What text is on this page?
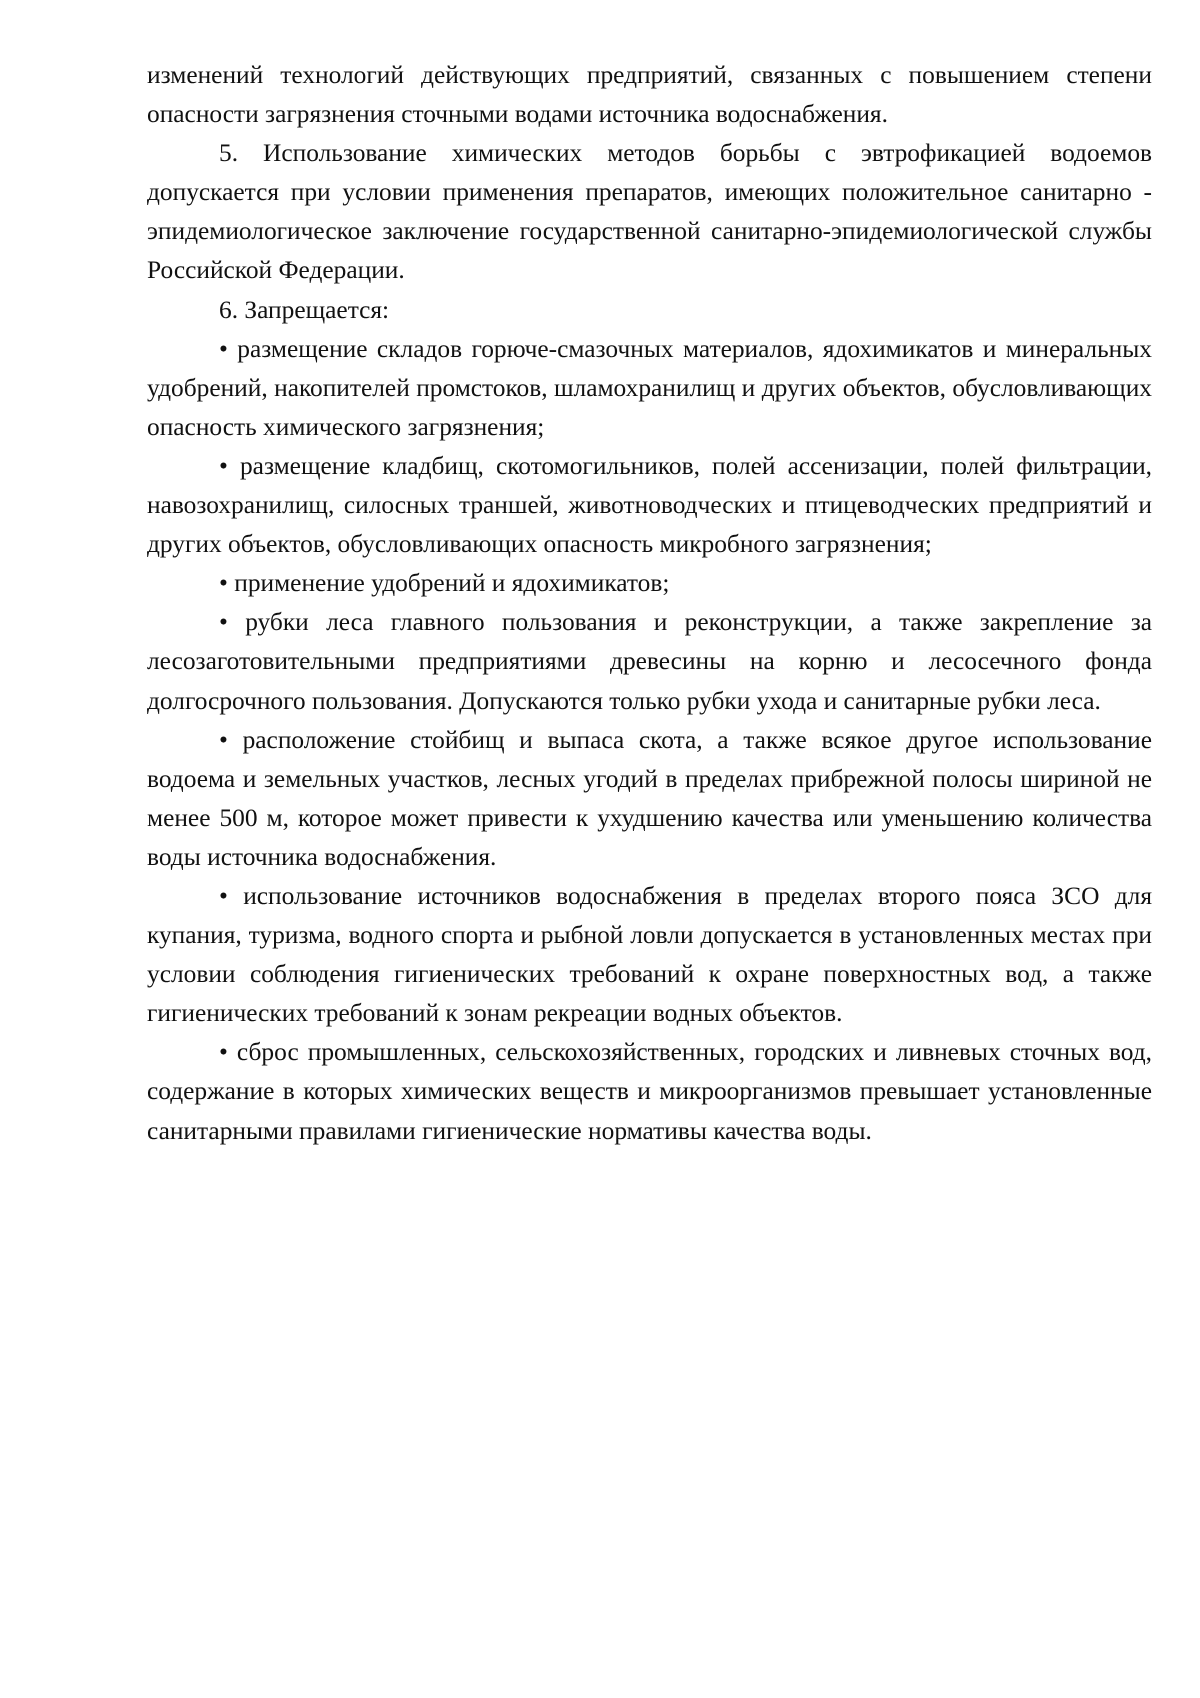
изменений технологий действующих предприятий, связанных с повышением степени опасности загрязнения сточными водами источника водоснабжения.

5. Использование химических методов борьбы с эвтрофикацией водоемов допускается при условии применения препаратов, имеющих положительное санитарно - эпидемиологическое заключение государственной санитарно-эпидемиологической службы Российской Федерации.

6. Запрещается:

• размещение складов горюче-смазочных материалов, ядохимикатов и минеральных удобрений, накопителей промстоков, шламохранилищ и других объектов, обусловливающих опасность химического загрязнения;

• размещение кладбищ, скотомогильников, полей ассенизации, полей фильтрации, навозохранилищ, силосных траншей, животноводческих и птицеводческих предприятий и других объектов, обусловливающих опасность микробного загрязнения;

• применение удобрений и ядохимикатов;

• рубки леса главного пользования и реконструкции, а также закрепление за лесозаготовительными предприятиями древесины на корню и лесосечного фонда долгосрочного пользования. Допускаются только рубки ухода и санитарные рубки леса.

• расположение стойбищ и выпаса скота, а также всякое другое использование водоема и земельных участков, лесных угодий в пределах прибрежной полосы шириной не менее 500 м, которое может привести к ухудшению качества или уменьшению количества воды источника водоснабжения.

• использование источников водоснабжения в пределах второго пояса ЗСО для купания, туризма, водного спорта и рыбной ловли допускается в установленных местах при условии соблюдения гигиенических требований к охране поверхностных вод, а также гигиенических требований к зонам рекреации водных объектов.

• сброс промышленных, сельскохозяйственных, городских и ливневых сточных вод, содержание в которых химических веществ и микроорганизмов превышает установленные санитарными правилами гигиенические нормативы качества воды.
